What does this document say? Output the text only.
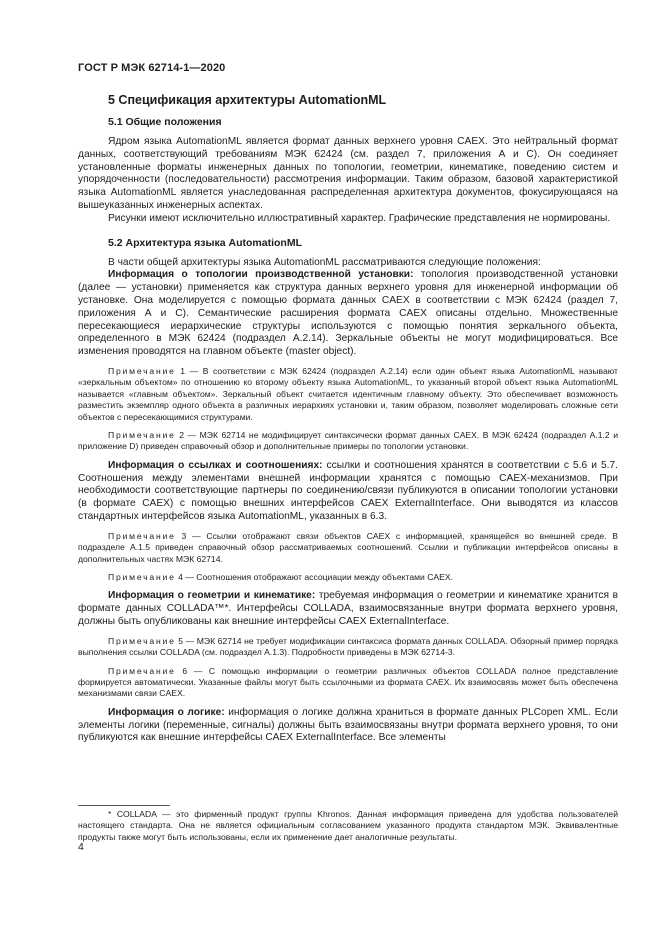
ГОСТ Р МЭК 62714-1—2020
5 Спецификация архитектуры AutomationML
5.1 Общие положения

Ядром языка AutomationML является формат данных верхнего уровня CAEX. Это нейтральный формат данных, соответствующий требованиям МЭК 62424 (см. раздел 7, приложения А и С). Он соединяет установленные форматы инженерных данных по топологии, геометрии, кинематике, поведению систем и упорядоченности (последовательности) рассмотрения информации. Таким образом, базовой характеристикой языка AutomationML является унаследованная распределенная архитектура документов, фокусирующаяся на вышеуказанных инженерных аспектах.

Рисунки имеют исключительно иллюстративный характер. Графические представления не нормированы.

5.2 Архитектура языка AutomationML

В части общей архитектуры языка AutomationML рассматриваются следующие положения:

Информация о топологии производственной установки: топология производственной установки (далее — установки) применяется как структура данных верхнего уровня для инженерной информации об установке. Она моделируется с помощью формата данных CAEX в соответствии с МЭК 62424 (раздел 7, приложения А и С). Семантические расширения формата CAEX описаны отдельно. Множественные пересекающиеся иерархические структуры используются с помощью понятия зеркального объекта, определенного в МЭК 62424 (подраздел А.2.14). Зеркальные объекты не могут модифицироваться. Все изменения проводятся на главном объекте (master object).

Примечание 1 — В соответствии с МЭК 62424 (подраздел А.2.14) если один объект языка AutomationML называют «зеркальным объектом» по отношению ко второму объекту языка AutomationML, то указанный второй объект языка AutomationML называется «главным объектом». Зеркальный объект считается идентичным главному объекту. Это обеспечивает возможность разместить экземпляр одного объекта в различных иерархиях установки и, таким образом, позволяет моделировать сложные сети объектов с пересекающимися структурами.

Примечание 2 — МЭК 62714 не модифицирует синтаксически формат данных CAEX. В МЭК 62424 (подраздел А.1.2 и приложение D) приведен справочный обзор и дополнительные примеры по топологии установки.

Информация о ссылках и соотношениях: ссылки и соотношения хранятся в соответствии с 5.6 и 5.7. Соотношения между элементами внешней информации хранятся с помощью CAEX-механизмов. При необходимости соответствующие партнеры по соединению/связи публикуются в описании топологии установки (в формате CAEX) с помощью внешних интерфейсов CAEX ExternalInterface. Они выводятся из классов стандартных интерфейсов языка AutomationML, указанных в 6.3.

Примечание 3 — Ссылки отображают связи объектов CAEX с информацией, хранящейся во внешней среде. В подразделе А.1.5 приведен справочный обзор рассматриваемых соотношений. Ссылки и публикации интерфейсов описаны в дополнительных частях МЭК 62714.

Примечание 4 — Соотношения отображают ассоциации между объектами CAEX.

Информация о геометрии и кинематике: требуемая информация о геометрии и кинематике хранится в формате данных COLLADA™*. Интерфейсы COLLADA, взаимосвязанные внутри формата верхнего уровня, должны быть опубликованы как внешние интерфейсы CAEX ExternalInterface.

Примечание 5 — МЭК 62714 не требует модификации синтаксиса формата данных COLLADA. Обзорный пример порядка выполнения ссылки COLLADA (см. подраздел А.1.3). Подробности приведены в МЭК 62714-3.

Примечание 6 — С помощью информации о геометрии различных объектов COLLADA полное представление формируется автоматически. Указанные файлы могут быть ссылочными из формата CAEX. Их взаимосвязь может быть обеспечена механизмами связи CAEX.

Информация о логике: информация о логике должна храниться в формате данных PLCopen XML. Если элементы логики (переменные, сигналы) должны быть взаимосвязаны внутри формата верхнего уровня, то они публикуются как внешние интерфейсы CAEX ExternalInterface. Все элементы

* COLLADA — это фирменный продукт группы Khronos. Данная информация приведена для удобства пользователей настоящего стандарта. Она не является официальным согласованием указанного продукта стандартом МЭК. Эквивалентные продукты также могут быть использованы, если их применение дает аналогичные результаты.
4
